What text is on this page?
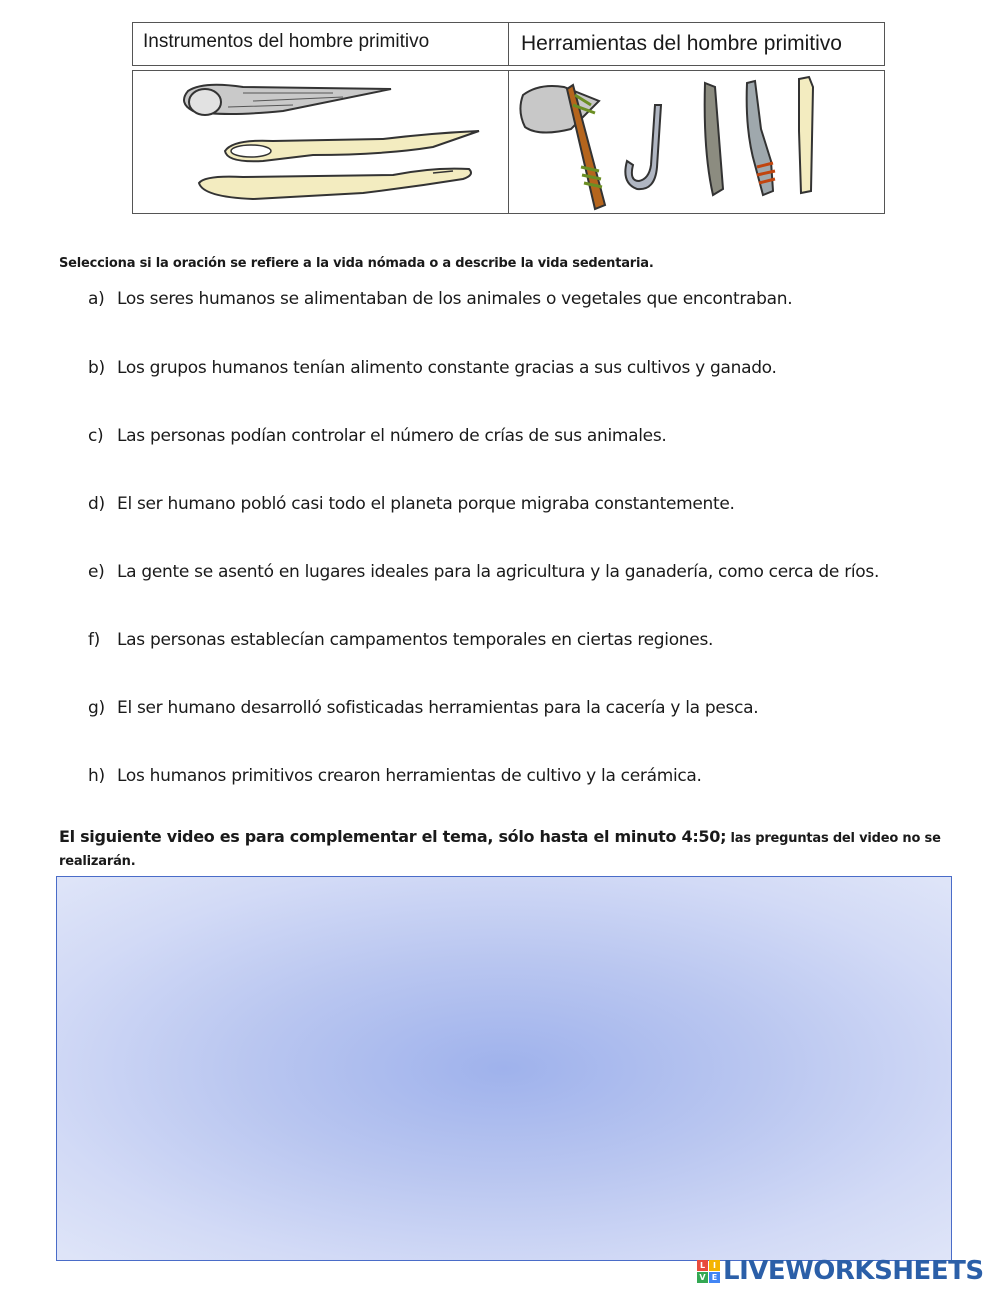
Instrumentos del hombre primitivo	Herramientas del hombre primitivo

Selecciona si la oración se refiere a la vida nómada o a describe la vida sedentaria.
a) Los seres humanos se alimentaban de los animales o vegetales que encontraban.
b) Los grupos humanos tenían alimento constante gracias a sus cultivos y ganado.
c) Las personas podían controlar el número de crías de sus animales.
d) El ser humano pobló casi todo el planeta porque migraba constantemente.
e) La gente se asentó en lugares ideales para la agricultura y la ganadería, como cerca de ríos.
f) Las personas establecían campamentos temporales en ciertas regiones.
g) El ser humano desarrolló sofisticadas herramientas para la cacería y la pesca.
h) Los humanos primitivos crearon herramientas de cultivo y la cerámica.
El siguiente video es para complementar el tema, sólo hasta el minuto 4:50; las preguntas del video no se realizarán.
L I
V E LIVEWORKSHEETS
